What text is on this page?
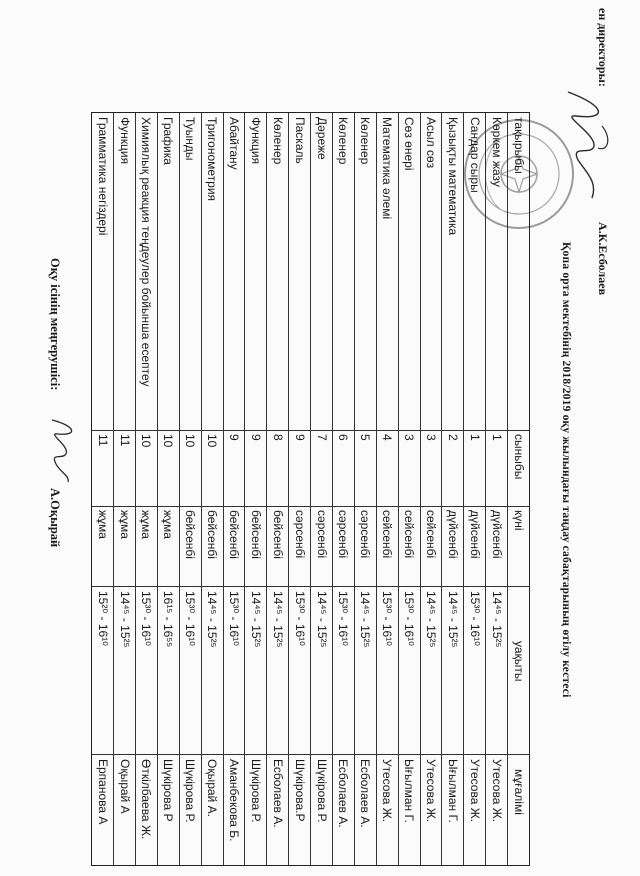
ен директоры:
А.К.Есболаев
Қопа орта мектебінің 2018/2019 оқу жылындағы таңдау сабақтарының өтілу кестесі
тақырыбы
сыныбы
күні
уақыты
мұғалімі
Көркем жазу
1
дүйсенбі
14⁴⁵ - 15²⁵
Утесова Ж.
Сандар сыры
1
дүйсенбі
15³⁰ - 16¹⁰
Утесова Ж.
Қызықты математика
2
дүйсенбі
14⁴⁵ - 15²⁵
Ығылман Г.
Асыл сөз
3
сейсенбі
14⁴⁵ - 15²⁵
Утесова Ж.
Сөз өнері
3
сейсенбі
15³⁰ - 16¹⁰
Ығылман Г.
Математика әлемі
4
сейсенбі
15³⁰ - 16¹⁰
Утесова Ж.
Көленер
5
сәрсенбі
14⁴⁵ - 15²⁵
Есболаев А.
Көленер
6
сәрсенбі
15³⁰ - 16¹⁰
Есболаев А.
Дәреже
7
сәрсенбі
14⁴⁵ - 15²⁵
Шүкірова Р.
Паскаль
9
сәрсенбі
15³⁰ - 16¹⁰
Шүкірова.Р
Көленер
8
бейсенбі
14⁴⁵ - 15²⁵
Есболаев А.
Функция
9
бейсенбі
14⁴⁵ - 15²⁵
Шүкірова Р.
Абайтану
9
бейсенбі
15³⁰ - 16¹⁰
Аманбекова Б.
Тригонометрия
10
бейсенбі
14⁴⁵ - 15²⁵
Оқырай А.
Туынды
10
бейсенбі
15³⁰ - 16¹⁰
Шүкірова Р.
Графика
10
жұма
16¹⁵ - 16⁵⁵
Шүкірова Р
Химиялық реакция теңдеулер бойынша есептеу
10
жұма
15³⁰ - 16¹⁰
Өткілбаева Ж.
Функция
11
жұма
14⁴⁵ - 15²⁵
Оқырай А
Грамматика негіздері
11
жұма
15²⁰ - 16¹⁰
Ерпанова А
Оқу ісінің меңгерушісі:
А.Оқырай
